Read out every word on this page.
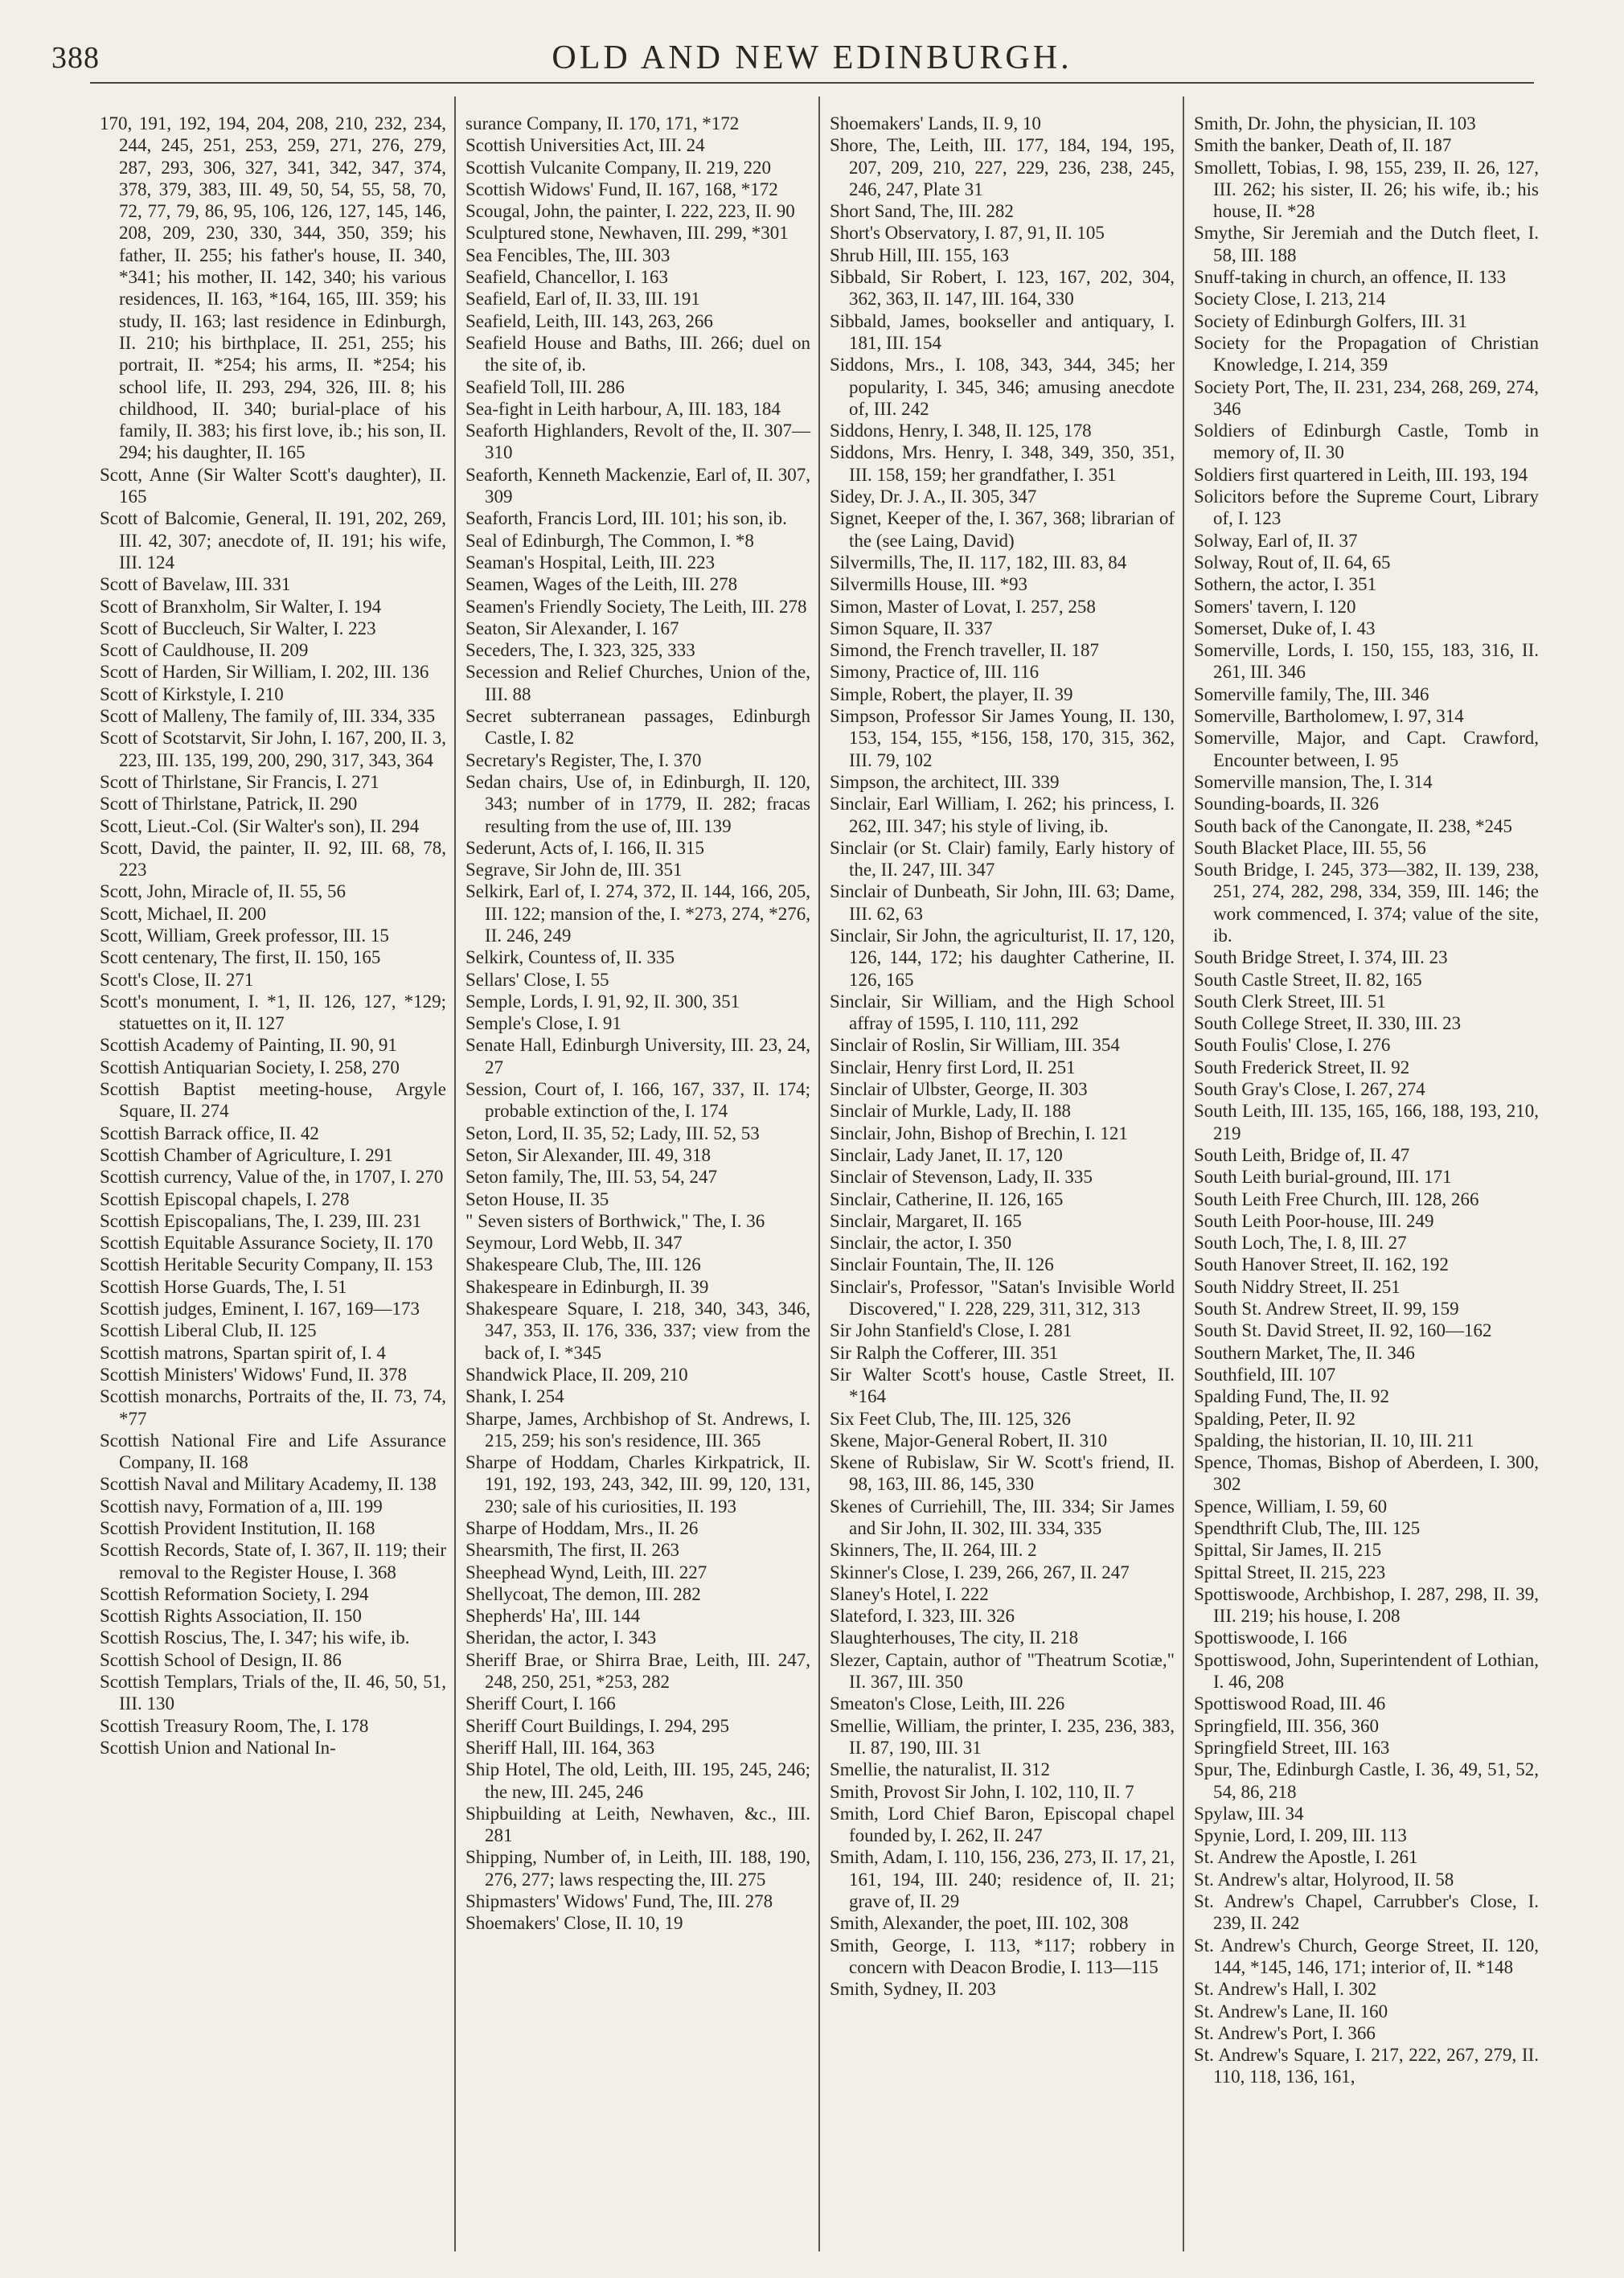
388	OLD AND NEW EDINBURGH.

170, 191, 192, 194, 204, 208, 210, 232, 234, 244, 245, 251, 253, 259, 271, 276, 279, 287, 293, 306, 327, 341, 342, 347, 374, 378, 379, 383, III. 49, 50, 54, 55, 58, 70, 72, 77, 79, 86, 95, 106, 126, 127, 145, 146, 208, 209, 230, 330, 344, 350, 359; his father, II. 255; his father's house, II. 340, *341; his mother, II. 142, 340; his various residences, II. 163, *164, 165, III. 359; his study, II. 163; last residence in Edinburgh, II. 210; his birthplace, II. 251, 255; his portrait, II. *254; his arms, II. *254; his school life, II. 293, 294, 326, III. 8; his childhood, II. 340; burial-place of his family, II. 383; his first love, ib.; his son, II. 294; his daughter, II. 165

Scott, Anne (Sir Walter Scott's daughter), II. 165

Scott of Balcomie, General, II. 191, 202, 269, III. 42, 307; anecdote of, II. 191; his wife, III. 124

Scott of Bavelaw, III. 331

Scott of Branxholm, Sir Walter, I. 194

Scott of Buccleuch, Sir Walter, I. 223

Scott of Cauldhouse, II. 209

Scott of Harden, Sir William, I. 202, III. 136

Scott of Kirkstyle, I. 210

Scott of Malleny, The family of, III. 334, 335

Scott of Scotstarvit, Sir John, I. 167, 200, II. 3, 223, III. 135, 199, 200, 290, 317, 343, 364

Scott of Thirlstane, Sir Francis, I. 271

Scott of Thirlstane, Patrick, II. 290

Scott, Lieut.-Col. (Sir Walter's son), II. 294

Scott, David, the painter, II. 92, III. 68, 78, 223

Scott, John, Miracle of, II. 55, 56

Scott, Michael, II. 200

Scott, William, Greek professor, III. 15

Scott centenary, The first, II. 150, 165

Scott's Close, II. 271

Scott's monument, I. *1, II. 126, 127, *129; statuettes on it, II. 127

Scottish Academy of Painting, II. 90, 91

Scottish Antiquarian Society, I. 258, 270

Scottish Baptist meeting-house, Argyle Square, II. 274

Scottish Barrack office, II. 42

Scottish Chamber of Agriculture, I. 291

Scottish currency, Value of the, in 1707, I. 270

Scottish Episcopal chapels, I. 278

Scottish Episcopalians, The, I. 239, III. 231

Scottish Equitable Assurance Society, II. 170

Scottish Heritable Security Company, II. 153

Scottish Horse Guards, The, I. 51

Scottish judges, Eminent, I. 167, 169—173

Scottish Liberal Club, II. 125

Scottish matrons, Spartan spirit of, I. 4

Scottish Ministers' Widows' Fund, II. 378

Scottish monarchs, Portraits of the, II. 73, 74, *77

Scottish National Fire and Life Assurance Company, II. 168

Scottish Naval and Military Academy, II. 138

Scottish navy, Formation of a, III. 199

Scottish Provident Institution, II. 168

Scottish Records, State of, I. 367, II. 119; their removal to the Register House, I. 368

Scottish Reformation Society, I. 294

Scottish Rights Association, II. 150

Scottish Roscius, The, I. 347; his wife, ib.

Scottish School of Design, II. 86

Scottish Templars, Trials of the, II. 46, 50, 51, III. 130

Scottish Treasury Room, The, I. 178

Scottish Union and National In-

surance Company, II. 170, 171, *172

Scottish Universities Act, III. 24

Scottish Vulcanite Company, II. 219, 220

Scottish Widows' Fund, II. 167, 168, *172

Scougal, John, the painter, I. 222, 223, II. 90

Sculptured stone, Newhaven, III. 299, *301

Sea Fencibles, The, III. 303

Seafield, Chancellor, I. 163

Seafield, Earl of, II. 33, III. 191

Seafield, Leith, III. 143, 263, 266

Seafield House and Baths, III. 266; duel on the site of, ib.

Seafield Toll, III. 286

Sea-fight in Leith harbour, A, III. 183, 184

Seaforth Highlanders, Revolt of the, II. 307—310

Seaforth, Kenneth Mackenzie, Earl of, II. 307, 309

Seaforth, Francis Lord, III. 101; his son, ib.

Seal of Edinburgh, The Common, I. *8

Seaman's Hospital, Leith, III. 223

Seamen, Wages of the Leith, III. 278

Seamen's Friendly Society, The Leith, III. 278

Seaton, Sir Alexander, I. 167

Seceders, The, I. 323, 325, 333

Secession and Relief Churches, Union of the, III. 88

Secret subterranean passages, Edinburgh Castle, I. 82

Secretary's Register, The, I. 370

Sedan chairs, Use of, in Edinburgh, II. 120, 343; number of in 1779, II. 282; fracas resulting from the use of, III. 139

Sederunt, Acts of, I. 166, II. 315

Segrave, Sir John de, III. 351

Selkirk, Earl of, I. 274, 372, II. 144, 166, 205, III. 122; mansion of the, I. *273, 274, *276, II. 246, 249

Selkirk, Countess of, II. 335

Sellars' Close, I. 55

Semple, Lords, I. 91, 92, II. 300, 351

Semple's Close, I. 91

Senate Hall, Edinburgh University, III. 23, 24, 27

Session, Court of, I. 166, 167, 337, II. 174; probable extinction of the, I. 174

Seton, Lord, II. 35, 52; Lady, III. 52, 53

Seton, Sir Alexander, III. 49, 318

Seton family, The, III. 53, 54, 247

Seton House, II. 35

" Seven sisters of Borthwick," The, I. 36

Seymour, Lord Webb, II. 347

Shakespeare Club, The, III. 126

Shakespeare in Edinburgh, II. 39

Shakespeare Square, I. 218, 340, 343, 346, 347, 353, II. 176, 336, 337; view from the back of, I. *345

Shandwick Place, II. 209, 210

Shank, I. 254

Sharpe, James, Archbishop of St. Andrews, I. 215, 259; his son's residence, III. 365

Sharpe of Hoddam, Charles Kirkpatrick, II. 191, 192, 193, 243, 342, III. 99, 120, 131, 230; sale of his curiosities, II. 193

Sharpe of Hoddam, Mrs., II. 26

Shearsmith, The first, II. 263

Sheephead Wynd, Leith, III. 227

Shellycoat, The demon, III. 282

Shepherds' Ha', III. 144

Sheridan, the actor, I. 343

Sheriff Brae, or Shirra Brae, Leith, III. 247, 248, 250, 251, *253, 282

Sheriff Court, I. 166

Sheriff Court Buildings, I. 294, 295

Sheriff Hall, III. 164, 363

Ship Hotel, The old, Leith, III. 195, 245, 246; the new, III. 245, 246

Shipbuilding at Leith, Newhaven, &c., III. 281

Shipping, Number of, in Leith, III. 188, 190, 276, 277; laws respecting the, III. 275

Shipmasters' Widows' Fund, The, III. 278

Shoemakers' Close, II. 10, 19

Shoemakers' Lands, II. 9, 10

Shore, The, Leith, III. 177, 184, 194, 195, 207, 209, 210, 227, 229, 236, 238, 245, 246, 247, Plate 31

Short Sand, The, III. 282

Short's Observatory, I. 87, 91, II. 105

Shrub Hill, III. 155, 163

Sibbald, Sir Robert, I. 123, 167, 202, 304, 362, 363, II. 147, III. 164, 330

Sibbald, James, bookseller and antiquary, I. 181, III. 154

Siddons, Mrs., I. 108, 343, 344, 345; her popularity, I. 345, 346; amusing anecdote of, III. 242

Siddons, Henry, I. 348, II. 125, 178

Siddons, Mrs. Henry, I. 348, 349, 350, 351, III. 158, 159; her grandfather, I. 351

Sidey, Dr. J. A., II. 305, 347

Signet, Keeper of the, I. 367, 368; librarian of the (see Laing, David)

Silvermills, The, II. 117, 182, III. 83, 84

Silvermills House, III. *93

Simon, Master of Lovat, I. 257, 258

Simon Square, II. 337

Simond, the French traveller, II. 187

Simony, Practice of, III. 116

Simple, Robert, the player, II. 39

Simpson, Professor Sir James Young, II. 130, 153, 154, 155, *156, 158, 170, 315, 362, III. 79, 102

Simpson, the architect, III. 339

Sinclair, Earl William, I. 262; his princess, I. 262, III. 347; his style of living, ib.

Sinclair (or St. Clair) family, Early history of the, II. 247, III. 347

Sinclair of Dunbeath, Sir John, III. 63; Dame, III. 62, 63

Sinclair, Sir John, the agriculturist, II. 17, 120, 126, 144, 172; his daughter Catherine, II. 126, 165

Sinclair, Sir William, and the High School affray of 1595, I. 110, 111, 292

Sinclair of Roslin, Sir William, III. 354

Sinclair, Henry first Lord, II. 251

Sinclair of Ulbster, George, II. 303

Sinclair of Murkle, Lady, II. 188

Sinclair, John, Bishop of Brechin, I. 121

Sinclair, Lady Janet, II. 17, 120

Sinclair of Stevenson, Lady, II. 335

Sinclair, Catherine, II. 126, 165

Sinclair, Margaret, II. 165

Sinclair, the actor, I. 350

Sinclair Fountain, The, II. 126

Sinclair's, Professor, "Satan's Invisible World Discovered," I. 228, 229, 311, 312, 313

Sir John Stanfield's Close, I. 281

Sir Ralph the Cofferer, III. 351

Sir Walter Scott's house, Castle Street, II. *164

Six Feet Club, The, III. 125, 326

Skene, Major-General Robert, II. 310

Skene of Rubislaw, Sir W. Scott's friend, II. 98, 163, III. 86, 145, 330

Skenes of Curriehill, The, III. 334; Sir James and Sir John, II. 302, III. 334, 335

Skinners, The, II. 264, III. 2

Skinner's Close, I. 239, 266, 267, II. 247

Slaney's Hotel, I. 222

Slateford, I. 323, III. 326

Slaughterhouses, The city, II. 218

Slezer, Captain, author of "Theatrum Scotiæ," II. 367, III. 350

Smeaton's Close, Leith, III. 226

Smellie, William, the printer, I. 235, 236, 383, II. 87, 190, III. 31

Smellie, the naturalist, II. 312

Smith, Provost Sir John, I. 102, 110, II. 7

Smith, Lord Chief Baron, Episcopal chapel founded by, I. 262, II. 247

Smith, Adam, I. 110, 156, 236, 273, II. 17, 21, 161, 194, III. 240; residence of, II. 21; grave of, II. 29

Smith, Alexander, the poet, III. 102, 308

Smith, George, I. 113, *117; robbery in concern with Deacon Brodie, I. 113—115

Smith, Sydney, II. 203

Smith, Dr. John, the physician, II. 103

Smith the banker, Death of, II. 187

Smollett, Tobias, I. 98, 155, 239, II. 26, 127, III. 262; his sister, II. 26; his wife, ib.; his house, II. *28

Smythe, Sir Jeremiah and the Dutch fleet, I. 58, III. 188

Snuff-taking in church, an offence, II. 133

Society Close, I. 213, 214

Society of Edinburgh Golfers, III. 31

Society for the Propagation of Christian Knowledge, I. 214, 359

Society Port, The, II. 231, 234, 268, 269, 274, 346

Soldiers of Edinburgh Castle, Tomb in memory of, II. 30

Soldiers first quartered in Leith, III. 193, 194

Solicitors before the Supreme Court, Library of, I. 123

Solway, Earl of, II. 37

Solway, Rout of, II. 64, 65

Sothern, the actor, I. 351

Somers' tavern, I. 120

Somerset, Duke of, I. 43

Somerville, Lords, I. 150, 155, 183, 316, II. 261, III. 346

Somerville family, The, III. 346

Somerville, Bartholomew, I. 97, 314

Somerville, Major, and Capt. Crawford, Encounter between, I. 95

Somerville mansion, The, I. 314

Sounding-boards, II. 326

South back of the Canongate, II. 238, *245

South Blacket Place, III. 55, 56

South Bridge, I. 245, 373—382, II. 139, 238, 251, 274, 282, 298, 334, 359, III. 146; the work commenced, I. 374; value of the site, ib.

South Bridge Street, I. 374, III. 23

South Castle Street, II. 82, 165

South Clerk Street, III. 51

South College Street, II. 330, III. 23

South Foulis' Close, I. 276

South Frederick Street, II. 92

South Gray's Close, I. 267, 274

South Leith, III. 135, 165, 166, 188, 193, 210, 219

South Leith, Bridge of, II. 47

South Leith burial-ground, III. 171

South Leith Free Church, III. 128, 266

South Leith Poor-house, III. 249

South Loch, The, I. 8, III. 27

South Hanover Street, II. 162, 192

South Niddry Street, II. 251

South St. Andrew Street, II. 99, 159

South St. David Street, II. 92, 160—162

Southern Market, The, II. 346

Southfield, III. 107

Spalding Fund, The, II. 92

Spalding, Peter, II. 92

Spalding, the historian, II. 10, III. 211

Spence, Thomas, Bishop of Aberdeen, I. 300, 302

Spence, William, I. 59, 60

Spendthrift Club, The, III. 125

Spittal, Sir James, II. 215

Spittal Street, II. 215, 223

Spottiswoode, Archbishop, I. 287, 298, II. 39, III. 219; his house, I. 208

Spottiswoode, I. 166

Spottiswood, John, Superintendent of Lothian, I. 46, 208

Spottiswood Road, III. 46

Springfield, III. 356, 360

Springfield Street, III. 163

Spur, The, Edinburgh Castle, I. 36, 49, 51, 52, 54, 86, 218

Spylaw, III. 34

Spynie, Lord, I. 209, III. 113

St. Andrew the Apostle, I. 261

St. Andrew's altar, Holyrood, II. 58

St. Andrew's Chapel, Carrubber's Close, I. 239, II. 242

St. Andrew's Church, George Street, II. 120, 144, *145, 146, 171; interior of, II. *148

St. Andrew's Hall, I. 302

St. Andrew's Lane, II. 160

St. Andrew's Port, I. 366

St. Andrew's Square, I. 217, 222, 267, 279, II. 110, 118, 136, 161,
